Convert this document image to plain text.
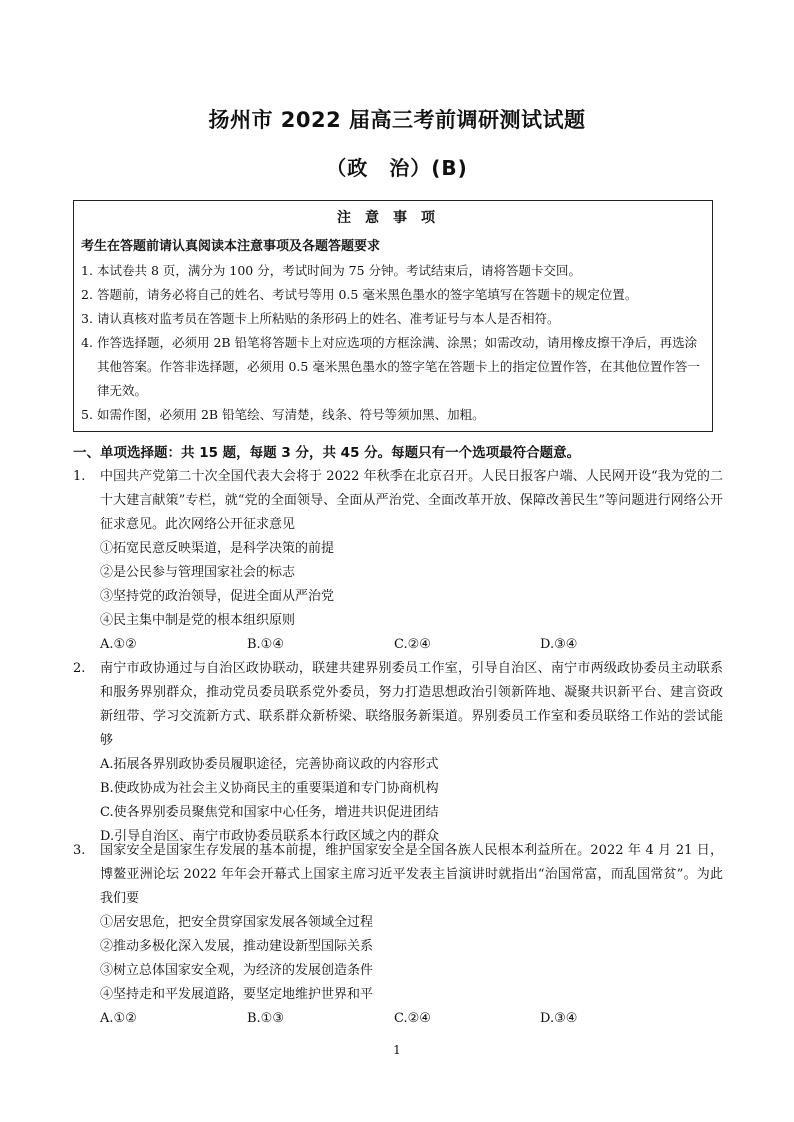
扬州市 2022 届高三考前调研测试试题
（政　治）(B)
注意事项
考生在答题前请认真阅读本注意事项及各题答题要求
1. 本试卷共 8 页，满分为 100 分，考试时间为 75 分钟。考试结束后，请将答题卡交回。
2. 答题前，请务必将自己的姓名、考试号等用 0.5 毫米黑色墨水的签字笔填写在答题卡的规定位置。
3. 请认真核对监考员在答题卡上所粘贴的条形码上的姓名、准考证号与本人是否相符。
4. 作答选择题，必须用 2B 铅笔将答题卡上对应选项的方框涂满、涂黑；如需改动，请用橡皮擦干净后，再选涂其他答案。作答非选择题，必须用 0.5 毫米黑色墨水的签字笔在答题卡上的指定位置作答，在其他位置作答一律无效。
5. 如需作图，必须用 2B 铅笔绘、写清楚，线条、符号等须加黑、加粗。
一、单项选择题：共 15 题，每题 3 分，共 45 分。每题只有一个选项最符合题意。
1. 中国共产党第二十次全国代表大会将于 2022 年秋季在北京召开。人民日报客户端、人民网开设“我为党的二十大建言献策”专栏，就“党的全面领导、全面从严治党、全面改革开放、保障改善民生”等问题进行网络公开征求意见。此次网络公开征求意见
①拓宽民意反映渠道，是科学决策的前提
②是公民参与管理国家社会的标志
③坚持党的政治领导，促进全面从严治党
④民主集中制是党的根本组织原则
A.①②	B.①④	C.②④	D.③④
2. 南宁市政协通过与自治区政协联动，联建共建界别委员工作室，引导自治区、南宁市两级政协委员主动联系和服务界别群众，推动党员委员联系党外委员，努力打造思想政治引领新阵地、凝聚共识新平台、建言资政新纽带、学习交流新方式、联系群众新桥梁、联络服务新渠道。界别委员工作室和委员联络工作站的尝试能够
A.拓展各界别政协委员履职途径，完善协商议政的内容形式
B.使政协成为社会主义协商民主的重要渠道和专门协商机构
C.使各界别委员聚焦党和国家中心任务，增进共识促进团结
D.引导自治区、南宁市政协委员联系本行政区域之内的群众
3. 国家安全是国家生存发展的基本前提，维护国家安全是全国各族人民根本利益所在。2022 年 4 月 21 日，博鳌亚洲论坛 2022 年年会开幕式上国家主席习近平发表主旨演讲时就指出“治国常富，而乱国常贫”。为此我们要
①居安思危，把安全贯穿国家发展各领域全过程
②推动多极化深入发展，推动建设新型国际关系
③树立总体国家安全观，为经济的发展创造条件
④坚持走和平发展道路，要坚定地维护世界和平
A.①②	B.①③	C.②④	D.③④
1
